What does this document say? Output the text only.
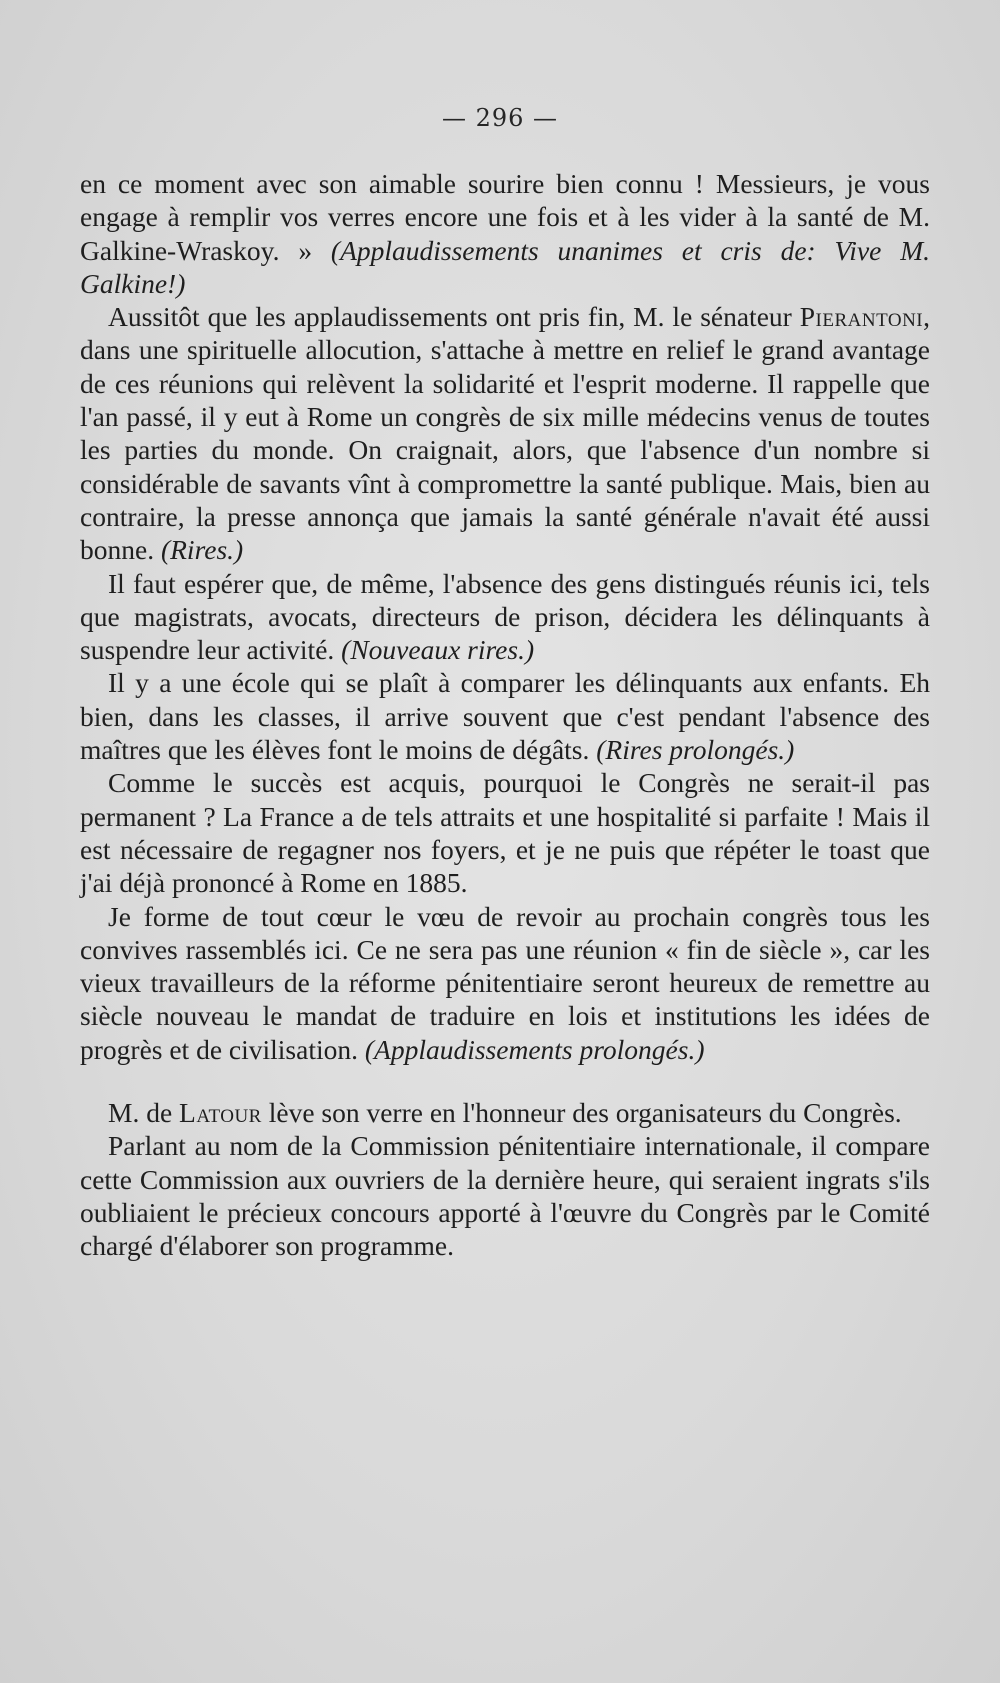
— 296 —

en ce moment avec son aimable sourire bien connu ! Messieurs, je vous engage à remplir vos verres encore une fois et à les vider à la santé de M. Galkine-Wraskoy. » (Applaudissements unanimes et cris de: Vive M. Galkine!)

Aussitôt que les applaudissements ont pris fin, M. le sénateur Pierantoni, dans une spirituelle allocution, s'attache à mettre en relief le grand avantage de ces réunions qui relèvent la solidarité et l'esprit moderne. Il rappelle que l'an passé, il y eut à Rome un congrès de six mille médecins venus de toutes les parties du monde. On craignait, alors, que l'absence d'un nombre si considérable de savants vînt à compromettre la santé publique. Mais, bien au contraire, la presse annonça que jamais la santé générale n'avait été aussi bonne. (Rires.)

Il faut espérer que, de même, l'absence des gens distingués réunis ici, tels que magistrats, avocats, directeurs de prison, décidera les délinquants à suspendre leur activité. (Nouveaux rires.)

Il y a une école qui se plaît à comparer les délinquants aux enfants. Eh bien, dans les classes, il arrive souvent que c'est pendant l'absence des maîtres que les élèves font le moins de dégâts. (Rires prolongés.)

Comme le succès est acquis, pourquoi le Congrès ne serait-il pas permanent ? La France a de tels attraits et une hospitalité si parfaite ! Mais il est nécessaire de regagner nos foyers, et je ne puis que répéter le toast que j'ai déjà prononcé à Rome en 1885.

Je forme de tout cœur le vœu de revoir au prochain congrès tous les convives rassemblés ici. Ce ne sera pas une réunion « fin de siècle », car les vieux travailleurs de la réforme pénitentiaire seront heureux de remettre au siècle nouveau le mandat de traduire en lois et institutions les idées de progrès et de civilisation. (Applaudissements prolongés.)

M. de Latour lève son verre en l'honneur des organisateurs du Congrès.

Parlant au nom de la Commission pénitentiaire internationale, il compare cette Commission aux ouvriers de la dernière heure, qui seraient ingrats s'ils oubliaient le précieux concours apporté à l'œuvre du Congrès par le Comité chargé d'élaborer son programme.
